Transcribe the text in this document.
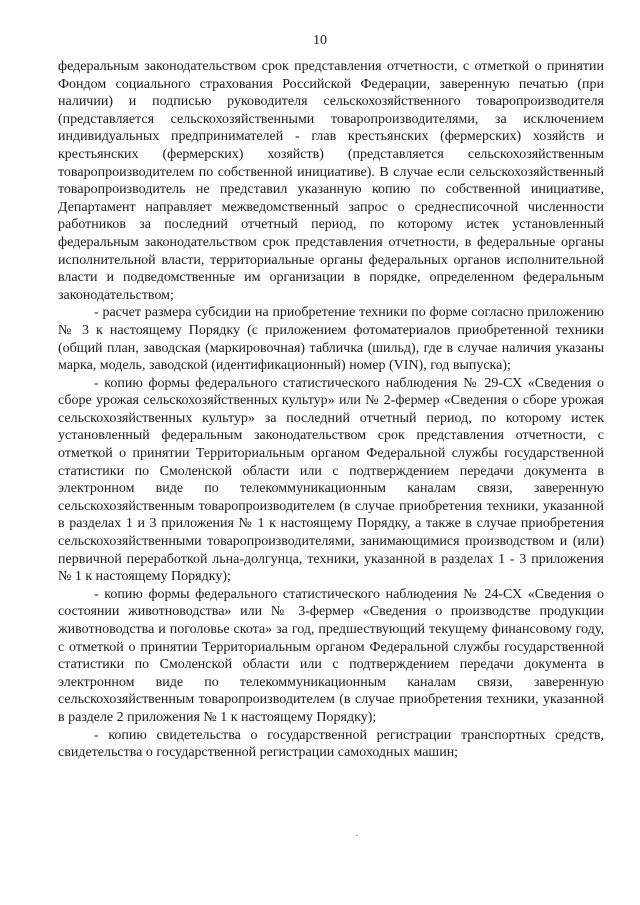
10

федеральным законодательством срок представления отчетности, с отметкой о принятии Фондом социального страхования Российской Федерации, заверенную печатью (при наличии) и подписью руководителя сельскохозяйственного товаропроизводителя (представляется сельскохозяйственными товаропроизводителями, за исключением индивидуальных предпринимателей - глав крестьянских (фермерских) хозяйств и крестьянских (фермерских) хозяйств) (представляется сельскохозяйственным товаропроизводителем по собственной инициативе). В случае если сельскохозяйственный товаропроизводитель не представил указанную копию по собственной инициативе, Департамент направляет межведомственный запрос о среднесписочной численности работников за последний отчетный период, по которому истек установленный федеральным законодательством срок представления отчетности, в федеральные органы исполнительной власти, территориальные органы федеральных органов исполнительной власти и подведомственные им организации в порядке, определенном федеральным законодательством;

- расчет размера субсидии на приобретение техники по форме согласно приложению № 3 к настоящему Порядку (с приложением фотоматериалов приобретенной техники (общий план, заводская (маркировочная) табличка (шильд), где в случае наличия указаны марка, модель, заводской (идентификационный) номер (VIN), год выпуска);

- копию формы федерального статистического наблюдения № 29-СХ «Сведения о сборе урожая сельскохозяйственных культур» или № 2-фермер «Сведения о сборе урожая сельскохозяйственных культур» за последний отчетный период, по которому истек установленный федеральным законодательством срок представления отчетности, с отметкой о принятии Территориальным органом Федеральной службы государственной статистики по Смоленской области или с подтверждением передачи документа в электронном виде по телекоммуникационным каналам связи, заверенную сельскохозяйственным товаропроизводителем (в случае приобретения техники, указанной в разделах 1 и 3 приложения № 1 к настоящему Порядку, а также в случае приобретения сельскохозяйственными товаропроизводителями, занимающимися производством и (или) первичной переработкой льна-долгунца, техники, указанной в разделах 1 - 3 приложения № 1 к настоящему Порядку);

- копию формы федерального статистического наблюдения № 24-СХ «Сведения о состоянии животноводства» или № 3-фермер «Сведения о производстве продукции животноводства и поголовье скота» за год, предшествующий текущему финансовому году, с отметкой о принятии Территориальным органом Федеральной службы государственной статистики по Смоленской области или с подтверждением передачи документа в электронном виде по телекоммуникационным каналам связи, заверенную сельскохозяйственным товаропроизводителем (в случае приобретения техники, указанной в разделе 2 приложения № 1 к настоящему Порядку);

- копию свидетельства о государственной регистрации транспортных средств, свидетельства о государственной регистрации самоходных машин;
